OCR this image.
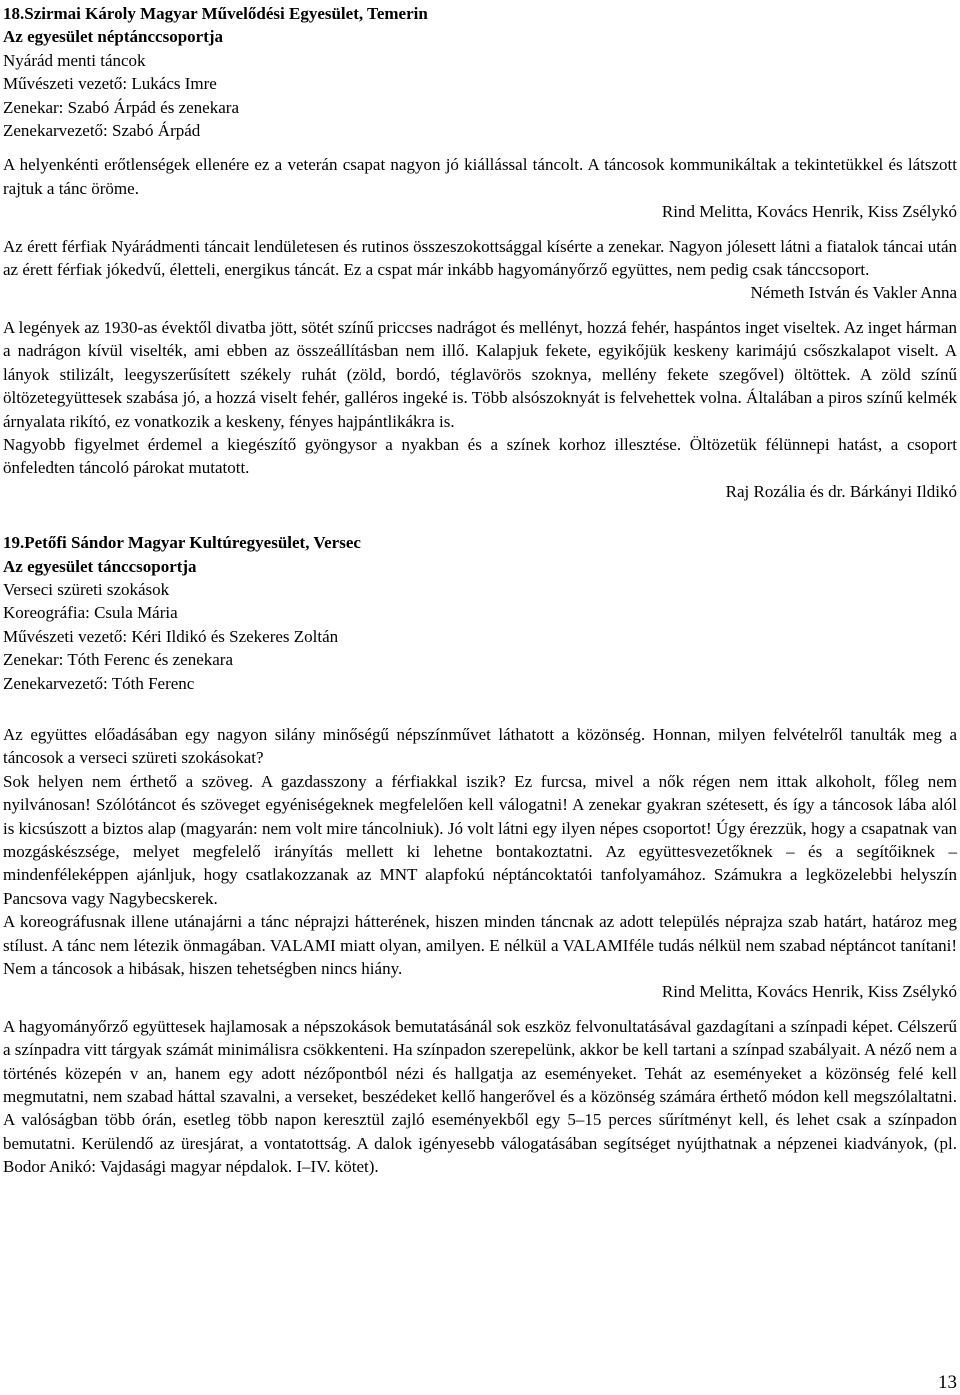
18.Szirmai Károly Magyar Művelődési Egyesület, Temerin

Az egyesület néptánccsoportja

Nyárád menti táncok

Művészeti vezető: Lukács Imre

Zenekar: Szabó Árpád és zenekara

Zenekarvezető: Szabó Árpád

A helyenkénti erőtlenségek ellenére ez a veterán csapat nagyon jó kiállással táncolt. A táncosok kommunikáltak a tekintetükkel és látszott rajtuk a tánc öröme.

Rind Melitta, Kovács Henrik, Kiss Zsélykó

Az érett férfiak Nyárádmenti táncait lendületesen és rutinos összeszokottsággal kísérte a zenekar. Nagyon jólesett látni a fiatalok táncai után az érett férfiak jókedvű, életteli, energikus táncát. Ez a cspat már inkább hagyományőrző együttes, nem pedig csak tánccsoport.

Németh István és Vakler Anna

A legények az 1930-as évektől divatba jött, sötét színű priccses nadrágot és mellényt, hozzá fehér, haspántos inget viseltek. Az inget hárman a nadrágon kívül viselték, ami ebben az összeállításban nem illő. Kalapjuk fekete, egyikőjük keskeny karimájú csőszkalapot viselt. A lányok stilizált, leegyszerűsített székely ruhát (zöld, bordó, téglavörös szoknya, mellény fekete szegővel) öltöttek. A zöld színű öltözetegyüttesek szabása jó, a hozzá viselt fehér, galléros ingeké is. Több alsószoknyát is felvehettek volna. Általában a piros színű kelmék árnyalata rikító, ez vonatkozik a keskeny, fényes hajpántlikákra is.

Nagyobb figyelmet érdemel a kiegészítő gyöngysor a nyakban és a színek korhoz illesztése. Öltözetük félünnepi hatást, a csoport önfeledten táncoló párokat mutatott.

Raj Rozália és dr. Bárkányi Ildikó

19.Petőfi Sándor Magyar Kultúregyesület, Versec

Az egyesület tánccsoportja

Verseci szüreti szokások

Koreográfia: Csula Mária

Művészeti vezető: Kéri Ildikó és Szekeres Zoltán

Zenekar: Tóth Ferenc és zenekara

Zenekarvezető: Tóth Ferenc

Az együttes előadásában egy nagyon silány minőségű népszínművet láthatott a közönség. Honnan, milyen felvételről tanulták meg a táncosok a verseci szüreti szokásokat?

Sok helyen nem érthető a szöveg. A gazdasszony a férfiakkal iszik? Ez furcsa, mivel a nők régen nem ittak alkoholt, főleg nem nyilvánosan! Szólótáncot és szöveget egyéniségeknek megfelelően kell válogatni! A zenekar gyakran szétesett, és így a táncosok lába alól is kicsúszott a biztos alap (magyarán: nem volt mire táncolniuk). Jó volt látni egy ilyen népes csoportot! Úgy érezzük, hogy a csapatnak van mozgáskészsége, melyet megfelelő irányítás mellett ki lehetne bontakoztatni. Az együttesvezetőknek – és a segítőiknek – mindenféleképpen ajánljuk, hogy csatlakozzanak az MNT alapfokú néptáncoktatói tanfolyamához. Számukra a legközelebbi helyszín Pancsova vagy Nagybecskerek.

A koreográfusnak illene utánajárni a tánc néprajzi hátterének, hiszen minden táncnak az adott település néprajza szab határt, határoz meg stílust. A tánc nem létezik önmagában. VALAMI miatt olyan, amilyen. E nélkül a VALAMIféle tudás nélkül nem szabad néptáncot tanítani! Nem a táncosok a hibásak, hiszen tehetségben nincs hiány.

Rind Melitta, Kovács Henrik, Kiss Zsélykó

A hagyományőrző együttesek hajlamosak a népszokások bemutatásánál sok eszköz felvonultatásával gazdagítani a színpadi képet. Célszerű a színpadra vitt tárgyak számát minimálisra csökkenteni. Ha színpadon szerepelünk, akkor be kell tartani a színpad szabályait. A néző nem a történés közepén v an, hanem egy adott nézőpontból nézi és hallgatja az eseményeket. Tehát az eseményeket a közönség felé kell megmutatni, nem szabad háttal szavalni, a verseket, beszédeket kellő hangerővel és a közönség számára érthető módon kell megszólaltatni. A valóságban több órán, esetleg több napon keresztül zajló eseményekből egy 5–15 perces sűrítményt kell, és lehet csak a színpadon bemutatni. Kerülendő az üresjárat, a vontatottság. A dalok igényesebb válogatásában segítséget nyújthatnak a népzenei kiadványok, (pl. Bodor Anikó: Vajdasági magyar népdalok. I–IV. kötet).

13
